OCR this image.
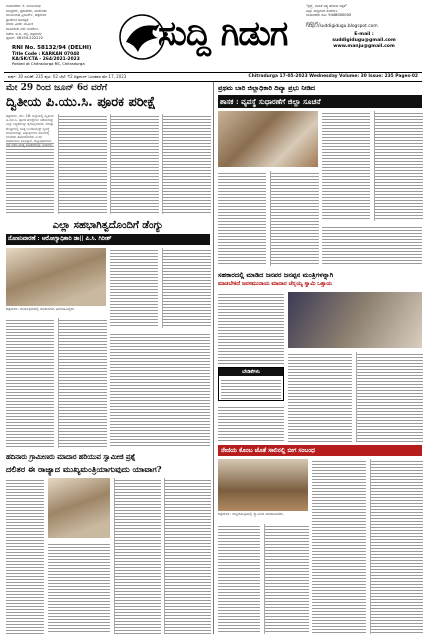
ಸಂಪಾದಕರು: ಕೆ. ಮಂಜುನಾಥ
ಮುದ್ರಕರು, ಪ್ರಕಾಶಕರು, ಮಾಲೀಕರು
ಮಂಜುನಾಥ ಪ್ರಿಂಟರ್ಸ್, ಚಿತ್ರದುರ್ಗ
ಪ್ರಾದೇಶಿಕ ದಿನಪತ್ರಿಕೆ
ಚಂದಾ ವಿವರ: ವಾರ್ಷಿಕ
ಜಾಹೀರಾತು ದರ: ಸಂಪರ್ಕಿಸಿ
ಕಚೇರಿ: ಬಿ.ಡಿ. ರಸ್ತೆ, ಚಿತ್ರದುರ್ಗ
ಫೋನ್: 08194-222222
RNI No. 58132/94 (DELHI)
Title Code : KARKAN 07048
KA/SK/CTA - 264/2021-2023
Posted at Chitradurga RS, Chitradurga
ಸುದ್ದಿ ಗಿಡುಗ
"ಶ್ರದ್ಧೆ, ನಂಬಿಕೆ ಸತ್ಯ ಹೇಳುವ ಪತ್ರಿಕೆ"
ಎಲ್ಲಾ ಸುದ್ದಿಗಳಿಗೆ ಸಂಪರ್ಕಿಸಿ
ಸಂಪಾದಕರು ಮೊ: 9448000000
ವೆಬ್‌ಸೈಟ್ :
http://suddigidugu.blogspot.com
E-mail :
suddigidugu@gmail.com
www.manju@gmail.com
ವರ್ಷ: 30 ಸಂಚಿಕೆ: 235 ಪುಟ: 02 ಬೆಲೆ: ₹2 ಚಿತ್ರದುರ್ಗ ಬುಧವಾರ ಮೇ 17, 2023	Chitradurga 17-05-2023 Wednesday Volume: 30 Issue: 235 Pages-02
ಮೇ 29 ರಿಂದ ಜೂನ್ 6ರ ವರೆಗೆ
ದ್ವಿತೀಯ ಪಿ.ಯು.ಸಿ. ಪೂರಕ ಪರೀಕ್ಷೆ
ಪ್ರಥಮ ಬಾರಿ ಜಿಲ್ಲಾಧಿಕಾರಿ ದಿವ್ಯಾ ಪ್ರಭು ನೀಡಿದ
ಶಾಸಕ : ವ್ಯವಸ್ಥೆ ಸುಧಾರಣೆಗೆ ಜಿಲ್ಲಾ ಸೂಚನೆ
ಚಿತ್ರದುರ್ಗ, ಮೇ. 16: ಜಿಲ್ಲೆಯಲ್ಲಿ ದ್ವಿತೀಯ ಪಿ.ಯು.ಸಿ. ಪೂರಕ ಪರೀಕ್ಷೆಗಳು ನಡೆಯಲಿದ್ದು ಎಲ್ಲಾ ಸಿದ್ಧತೆಗಳನ್ನು ಕೈಗೊಳ್ಳಲಾಗಿದೆ. ಪರೀಕ್ಷಾ ಕೇಂದ್ರಗಳಲ್ಲಿ ಸೂಕ್ತ ಬಂದೋಬಸ್ತ್ ವ್ಯವಸ್ಥೆ ಮಾಡಲಾಗಿದ್ದು ವಿದ್ಯಾರ್ಥಿಗಳು ಸಮಯಕ್ಕೆ ಸರಿಯಾಗಿ ಹಾಜರಾಗಬೇಕು ಎಂದು ಅಧಿಕಾರಿಗಳು ತಿಳಿಸಿದ್ದಾರೆ. ಜಿಲ್ಲಾಧಿಕಾರಿಗಳು ಸಭೆ ನಡೆಸಿ ಅಗತ್ಯ ಸೂಚನೆಗಳನ್ನು ನೀಡಿದರು.
ಎಲ್ಲಾ ಸಹಭಾಗಿತ್ವದೊಂದಿಗೆ ಡೆಂಗ್ಯು
ನೊಣನಿವಾರಣೆ : ಆರೋಗ್ಯಾಧಿಕಾರಿ ಡಾ|| ಪಿ.ಸಿ. ಗಿರೀಶ್
ಚಿತ್ರದುರ್ಗ: ಕಾರ್ಯಕ್ರಮದಲ್ಲಿ ಅಧಿಕಾರಿಗಳು ಭಾಗವಹಿಸಿದ್ದರು.
ಸಹಕಾರದಲ್ಲಿ ಮಾಡಿದ ಜನಪರ ಜನಪ್ಪನ ಮಂತ್ರಿಗಳನ್ನಾಗಿ
ಮಾಡಬೇಕಿದೆ ಜನಸಮುದಾಯ ಮಾದಾರ ಚೆನ್ನಯ್ಯ ಸ್ವಾಮಿ ಒತ್ತಾಯ
ಬೇಡಿಕೆಗಳು
ನೇಣಿಯ ಕೊಂಬ ಜೊತೆ ಸಾಲಿನಲ್ಲಿ ಬೀಗ ಸಂಬಂಧ
ಚಿತ್ರದುರ್ಗ: ಸುದ್ದಿಗೋಷ್ಠಿಯಲ್ಲಿ ಸ್ವಾಮೀಜಿ ಮಾತನಾಡಿದರು.
ಹದಿನಾರು ಗ್ರಾಮೀಣರು ಮಾದಾರ ಹರಿಯುವ ಸ್ವಾಮೀಜಿ ಪ್ರಶ್ನೆ
ದಲಿತರ ಈ ರಾಜ್ಯಾದ ಮುಖ್ಯಮಂತ್ರಿಯಾಗುವುದು ಯಾವಾಗ?
